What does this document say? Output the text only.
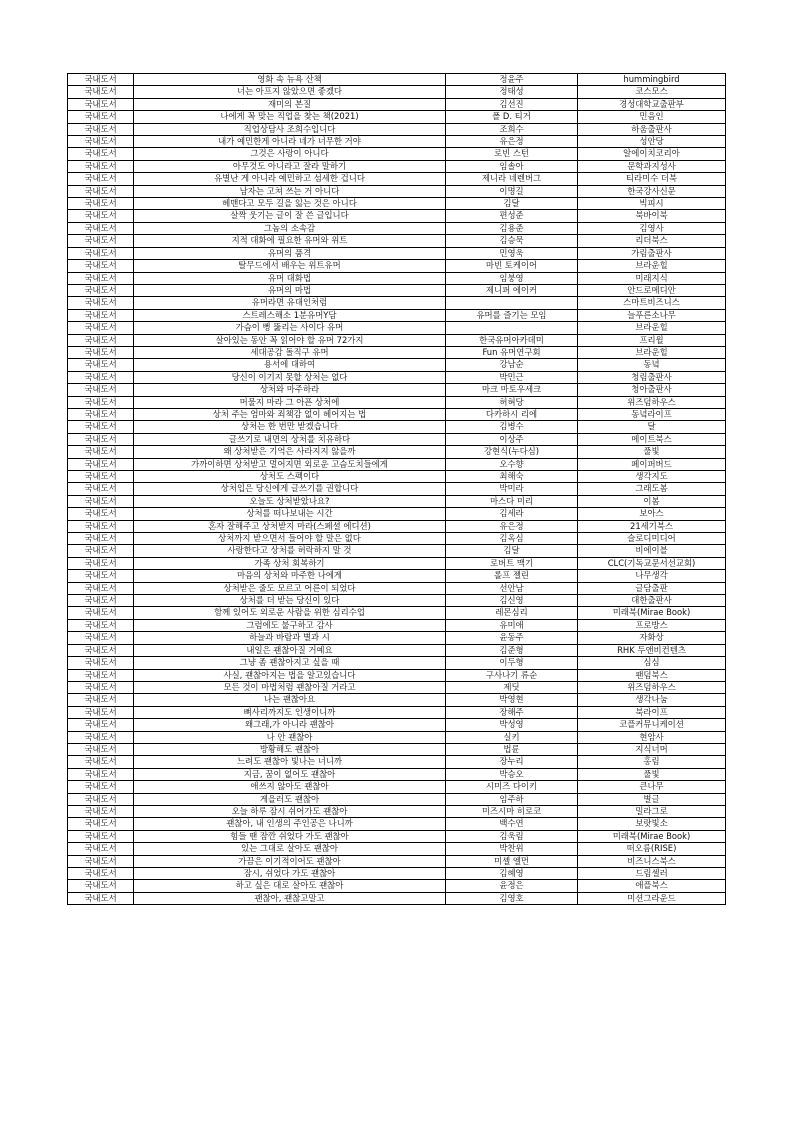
국내도서	영화 속 뉴욕 산책	정윤주	hummingbird
국내도서	너는 아프지 않았으면 좋겠다	정태성	코스모스
국내도서	재미의 본질	김선진	경성대학교출판부
국내도서	나에게 꼭 맞는 직업을 찾는 책(2021)	폴 D. 티거	민음인
국내도서	직업상담사 조희수입니다	조희수	하움출판사
국내도서	내가 예민한게 아니라 네가 너무한 거야	유은정	성안당
국내도서	그것은 사랑이 아니다	로빈 스턴	알에이치코리아
국내도서	아무것도 아니라고 잘라 말하기	임솔아	문학과지성사
국내도서	유별난 게 아니라 예민하고 섬세한 겁니다	제니라 네렌버그	티라미수 더북
국내도서	남자는 고쳐 쓰는 거 아니다	이명길	한국강사신문
국내도서	헤맨다고 모두 길을 잃는 것은 아니다	김달	빅피시
국내도서	살짝 웃기는 글이 잘 쓴 글입니다	편성준	북바이북
국내도서	그놈의 소속감	김용준	김영사
국내도서	지적 대화에 필요한 유머와 위트	김승묵	리더북스
국내도서	유머의 품격	민영욱	가림출판사
국내도서	탈무드에서 배우는 위트유머	마빈 토케이어	브라운힐
국내도서	유머 대화법	임붕영	미래지식
국내도서	유머의 마법	제니퍼 에이커	안드로메디안
국내도서	유머라면 유대인처럼		스마트비즈니스
국내도서	스트레스해소 1분유머Y담	유머를 즐기는 모임	늘푸른소나무
국내도서	가슴이 뻥 뚫리는 사이다 유머		브라운힐
국내도서	살아있는 동안 꼭 읽어야 할 유머 72가지	한국유머아카데미	프리윌
국내도서	세대공감 돌직구 유머	Fun 유머연구회	브라운힐
국내도서	용서에 대하여	강남순	동녘
국내도서	당신이 이기지 못할 상처는 없다	박민근	청림출판사
국내도서	상처와 마주하라	마크 마토우세크	청아출판사
국내도서	머물지 마라 그 아픈 상처에	허혀당	위즈덤하우스
국내도서	상처 주는 엄마와 죄책감 없이 헤어지는 법	다카하시 리에	동녘라이프
국내도서	상처는 한 번만 받겠습니다	김병수	달
국내도서	글쓰기로 내면의 상처를 치유하다	이상주	메이트북스
국내도서	왜 상처받은 기억은 사라지지 않을까	강현식(누다심)	풀빛
국내도서	가까이하면 상처받고 멀어지면 외로운 고슴도치들에게	오수향	페이퍼버드
국내도서	상처도 스펙이다	최해숙	생각지도
국내도서	상처입은 당신에게 글쓰기를 권합니다	박미라	그래도봄
국내도서	오늘도 상처받았나요?	마스다 미리	이봄
국내도서	상처를 떠나보내는 시간	김세라	보아스
국내도서	혼자 잘해주고 상처받지 마라(스페셜 에디션)	유은정	21세기북스
국내도서	상처까지 받으면서 들어야 할 말은 없다	김옥심	슬로디미디어
국내도서	사랑한다고 상처를 허락하지 말 것	김달	비에이블
국내도서	가족 상처 회복하기	로버트 맥기	CLC(기독교문서선교회)
국내도서	마음의 상처와 마주한 나에게	롤프 젤린	나무생각
국내도서	상처받은 줄도 모르고 어른이 되었다	선안남	글담출판
국내도서	상처를 더 받는 당신이 있다	김신영	대한출판사
국내도서	함께 있어도 외로운 사람을 위한 심리수업	레몬심리	미래북(Mirae Book)
국내도서	그럼에도 불구하고 감사	유미애	프로방스
국내도서	하늘과 바람과 별과 시	윤동주	자화상
국내도서	내일은 괜찮아질 거예요	김준형	RHK 두앤비컨텐츠
국내도서	그냥 좀 괜찮아지고 싶을 때	이두형	심심
국내도서	사실, 괜찮아지는 법을 알고있습니다	구사나기 류순	팬덤북스
국내도서	모든 것이 마법처럼 괜찮아질 거라고	제딧	위즈덤하우스
국내도서	나는 괜찮아요	박영현	생각나눔
국내도서	뼈사리까지도 인생이니까	장해주	북라이프
국내도서	왜그래,가 아니라 괜찮아	박성영	코플커뮤니케이션
국내도서	나 안 괜찮아	실키	현암사
국내도서	방황해도 괜찮아	법륜	지식너머
국내도서	느려도 괜찮아 빛나는 너니까	장누리	홍림
국내도서	지금, 꿈이 없어도 괜찮아	박승오	풀빛
국내도서	애쓰지 않아도 괜찮아	시미즈 다이키	큰나무
국내도서	게을러도 괜찮아	임주하	별글
국내도서	오늘 하루 잠시 쉬어가도 괜찮아	미즈시마 히로코	밀라그로
국내도서	괜찮아, 내 인생의 주인공은 나니까	백수연	보랏빛소
국내도서	힘들 땐 잠깐 쉬었다 가도 괜찮아	김욱림	미래북(Mirae Book)
국내도서	있는 그대로 살아도 괜찮아	박찬위	떠오름(RISE)
국내도서	가끔은 이기적이어도 괜찮아	미셸 엘먼	비즈니스북스
국내도서	잠시, 쉬었다 가도 괜찮아	김혜영	드림셀러
국내도서	하고 싶은 대로 살아도 괜찮아	윤정은	애플북스
국내도서	괜찮아, 괜찮고말고	김영호	미션그라운드
